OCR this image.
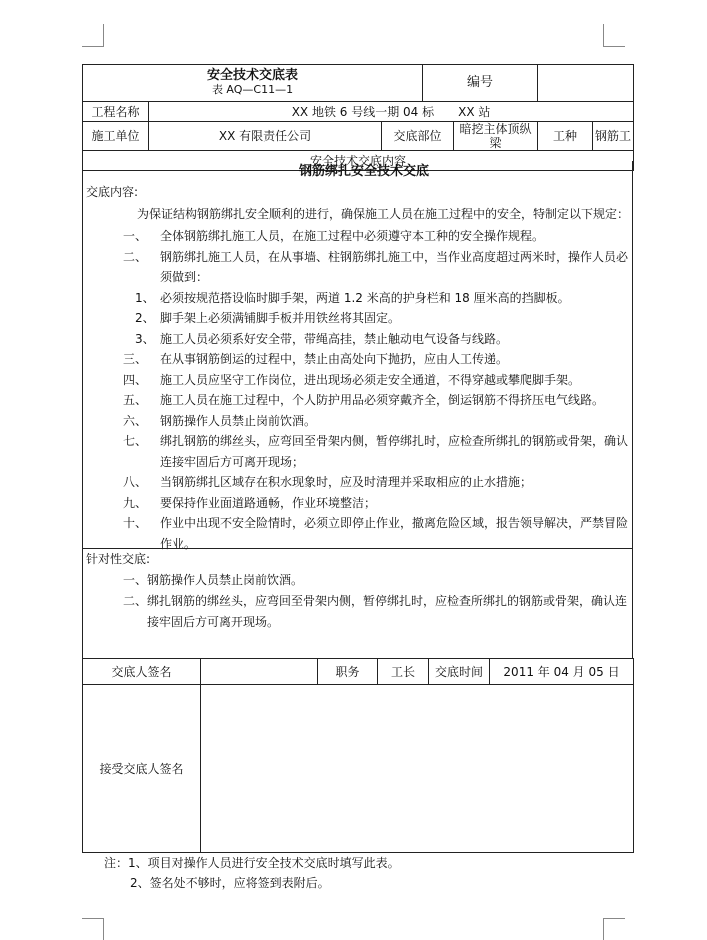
安全技术交底表
表 AQ—C11—1			编号			
工程名称	XX 地铁 6 号线一期 04 标　　XX 站					
施工单位	XX 有限责任公司	交底部位		暗挖主体顶纵梁	工种	钢筋工
安全技术交底内容						
钢筋绑扎安全技术交底
交底内容:
为保证结构钢筋绑扎安全顺利的进行，确保施工人员在施工过程中的安全，特制定以下规定：
一、 全体钢筋绑扎施工人员，在施工过程中必须遵守本工种的安全操作规程。
二、 钢筋绑扎施工人员，在从事墙、柱钢筋绑扎施工中，当作业高度超过两米时，操作人员必
须做到：
1、 必须按规范搭设临时脚手架，两道 1.2 米高的护身栏和 18 厘米高的挡脚板。
2、 脚手架上必须满铺脚手板并用铁丝将其固定。
3、 施工人员必须系好安全带，带绳高挂，禁止触动电气设备与线路。
三、 在从事钢筋倒运的过程中，禁止由高处向下抛扔，应由人工传递。
四、 施工人员应坚守工作岗位，进出现场必须走安全通道，不得穿越或攀爬脚手架。
五、 施工人员在施工过程中，个人防护用品必须穿戴齐全，倒运钢筋不得挤压电气线路。
六、 钢筋操作人员禁止岗前饮酒。
七、 绑扎钢筋的绑丝头，应弯回至骨架内侧，暂停绑扎时，应检查所绑扎的钢筋或骨架，确认
连接牢固后方可离开现场；
八、 当钢筋绑扎区域存在积水现象时，应及时清理并采取相应的止水措施；
九、 要保持作业面道路通畅，作业环境整洁；
十、 作业中出现不安全险情时，必须立即停止作业，撤离危险区域，报告领导解决，严禁冒险
作业。
针对性交底:
一、钢筋操作人员禁止岗前饮酒。
二、绑扎钢筋的绑丝头，应弯回至骨架内侧，暂停绑扎时，应检查所绑扎的钢筋或骨架，确认连
接牢固后方可离开现场。
交底人签名		职务	工长	交底时间	2011 年 04 月 05 日
接受交底人签名					
注：1、项目对操作人员进行安全技术交底时填写此表。
2、签名处不够时，应将签到表附后。
